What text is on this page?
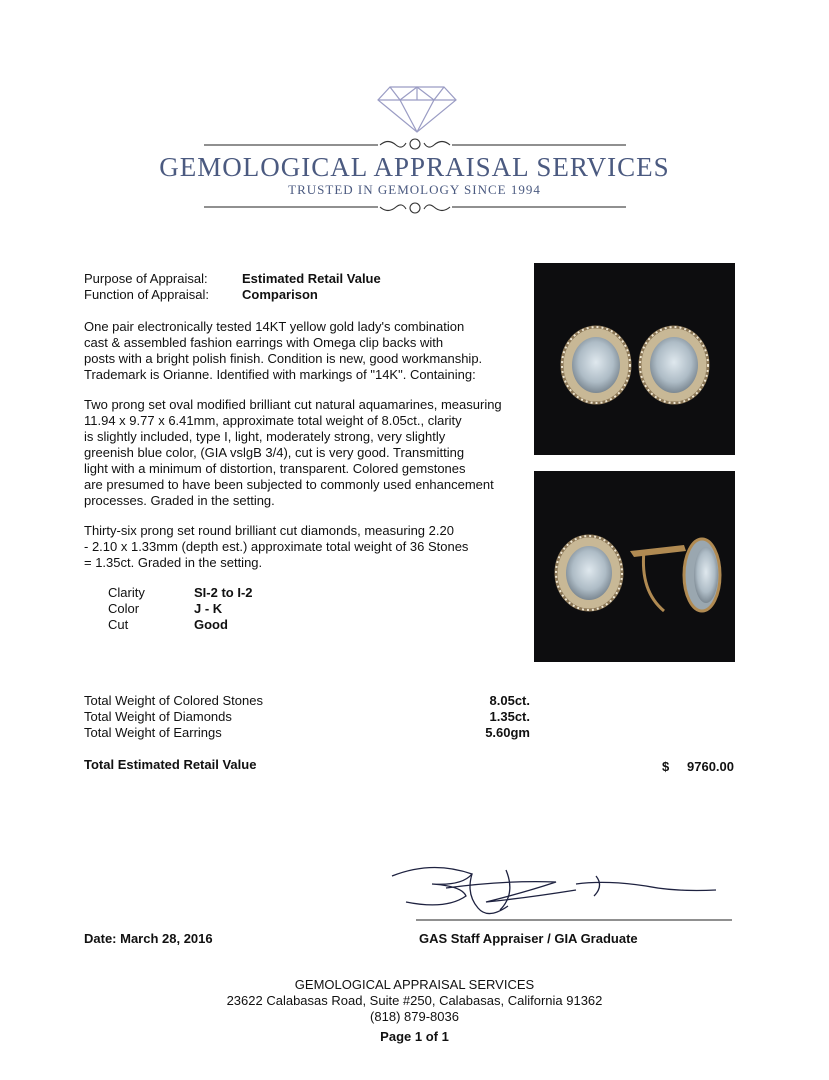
GEMOLOGICAL APPRAISAL SERVICES
TRUSTED IN GEMOLOGY SINCE 1994
Purpose of Appraisal:	Estimated Retail Value
Function of Appraisal:	Comparison
One pair electronically tested 14KT yellow gold lady's combination
cast & assembled fashion earrings with Omega clip backs with
posts with a bright polish finish. Condition is new, good workmanship.
Trademark is Orianne. Identified with markings of "14K". Containing:
Two prong set oval modified brilliant cut natural aquamarines, measuring
11.94 x 9.77 x 6.41mm, approximate total weight of 8.05ct., clarity
is slightly included, type I, light, moderately strong, very slightly
greenish blue color, (GIA vslgB 3/4), cut is very good. Transmitting
light with a minimum of distortion, transparent. Colored gemstones
are presumed to have been subjected to commonly used enhancement
processes. Graded in the setting.
Thirty-six prong set round brilliant cut diamonds, measuring 2.20
- 2.10 x 1.33mm (depth est.) approximate total weight of 36 Stones
= 1.35ct. Graded in the setting.
Clarity	SI-2 to I-2
Color	J - K
Cut	Good
Total Weight of Colored Stones	8.05ct.
Total Weight of Diamonds	1.35ct.
Total Weight of Earrings	5.60gm
Total Estimated Retail Value	$	9760.00
Date: March 28, 2016	GAS Staff Appraiser / GIA Graduate
GEMOLOGICAL APPRAISAL SERVICES
23622 Calabasas Road, Suite #250, Calabasas, California 91362
(818) 879-8036
Page 1 of 1
